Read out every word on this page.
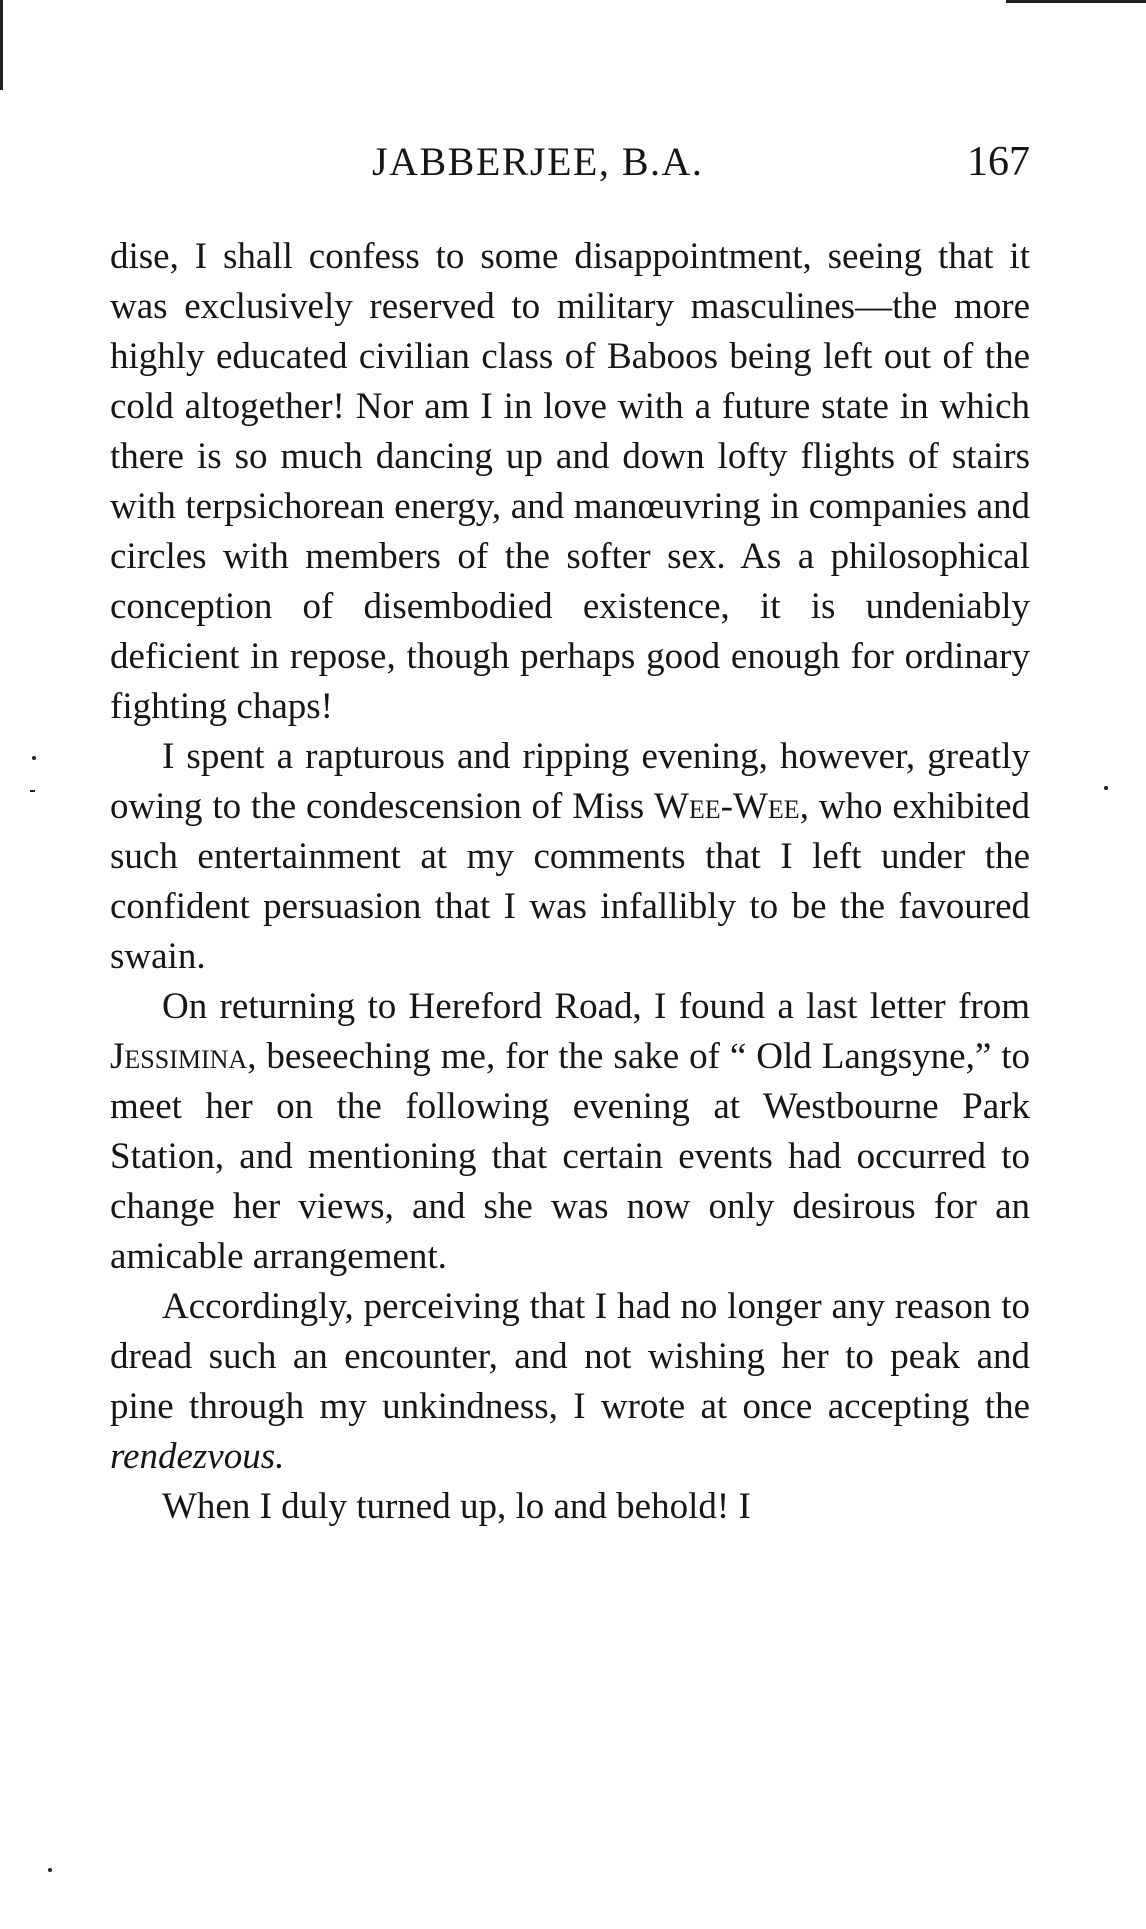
JABBERJEE, B.A.	167

dise, I shall confess to some disappointment, seeing that it was exclusively reserved to military masculines—the more highly educated civilian class of Baboos being left out of the cold altogether! Nor am I in love with a future state in which there is so much dancing up and down lofty flights of stairs with terpsichorean energy, and manœuvring in companies and circles with members of the softer sex. As a philosophical conception of disembodied existence, it is undeniably deficient in repose, though perhaps good enough for ordinary fighting chaps!

I spent a rapturous and ripping evening, however, greatly owing to the condescension of Miss Wee-Wee, who exhibited such entertainment at my comments that I left under the confident persuasion that I was infallibly to be the favoured swain.

On returning to Hereford Road, I found a last letter from Jessimina, beseeching me, for the sake of “ Old Langsyne,” to meet her on the following evening at Westbourne Park Station, and mentioning that certain events had occurred to change her views, and she was now only desirous for an amicable arrangement.

Accordingly, perceiving that I had no longer any reason to dread such an encounter, and not wishing her to peak and pine through my unkindness, I wrote at once accepting the rendezvous.

When I duly turned up, lo and behold! I
